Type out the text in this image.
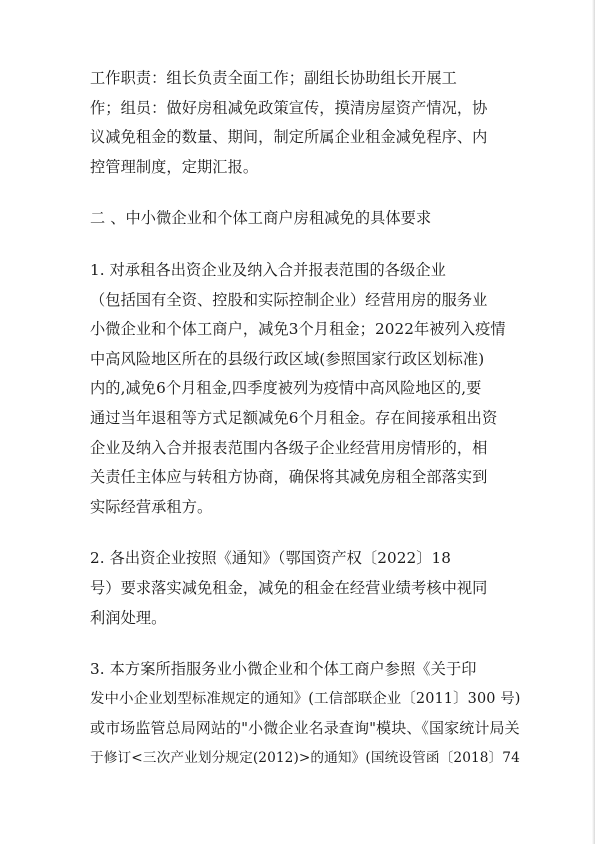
工作职责：组长负责全面工作；副组长协助组长开展工
作；组员：做好房租减免政策宣传，摸清房屋资产情况，协
议减免租金的数量、期间，制定所属企业租金减免程序、内
控管理制度，定期汇报。
二 、中小微企业和个体工商户房租减免的具体要求
1. 对承租各出资企业及纳入合并报表范围的各级企业
（包括国有全资、控股和实际控制企业）经营用房的服务业
小微企业和个体工商户，减免3个月租金；2022年被列入疫情
中高风险地区所在的县级行政区域(参照国家行政区划标准)
内的,减免6个月租金,四季度被列为疫情中高风险地区的,要
通过当年退租等方式足额减免6个月租金。存在间接承租出资
企业及纳入合并报表范围内各级子企业经营用房情形的，相
关责任主体应与转租方协商，确保将其减免房租全部落实到
实际经营承租方。
2. 各出资企业按照《通知》（鄂国资产权〔2022〕18
号）要求落实减免租金，减免的租金在经营业绩考核中视同
利润处理。
3. 本方案所指服务业小微企业和个体工商户参照《关于印
发中小企业划型标准规定的通知》(工信部联企业〔2011〕300 号)
或市场监管总局网站的"小微企业名录查询"模块、《国家统计局关
于修订<三次产业划分规定(2012)>的通知》(国统设管函〔2018〕74
